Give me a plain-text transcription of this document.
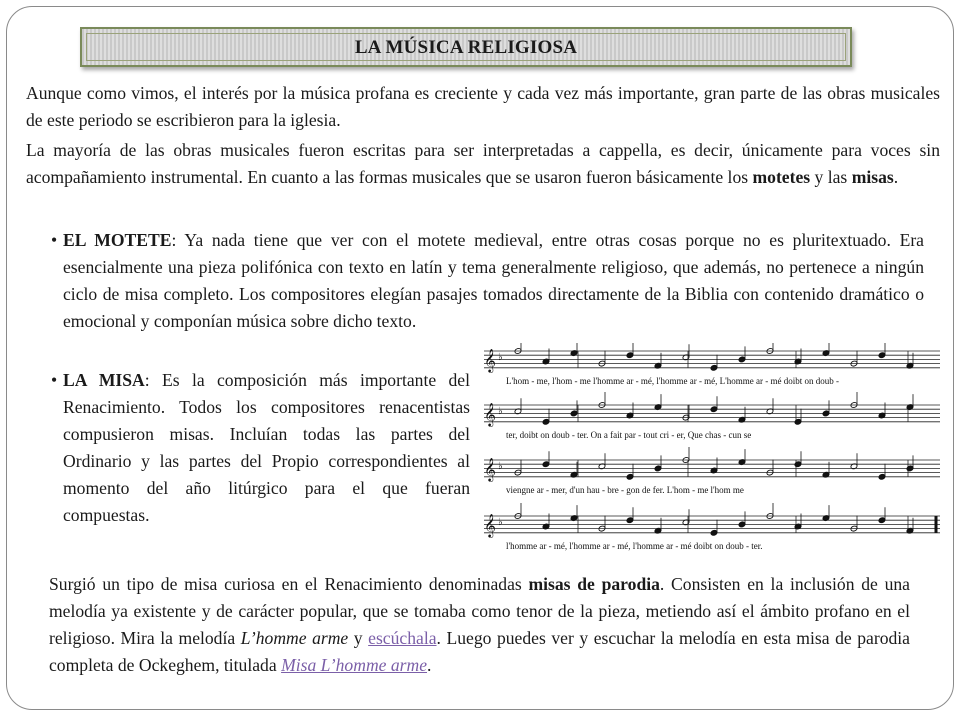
LA MÚSICA RELIGIOSA
Aunque como vimos, el interés por la música profana es creciente y cada vez más importante, gran parte de las obras musicales de este periodo se escribieron para la iglesia.
La mayoría de las obras musicales fueron escritas para ser interpretadas a cappella, es decir, únicamente para voces sin acompañamiento instrumental. En cuanto a las formas musicales que se usaron fueron básicamente los motetes y las misas.
• EL MOTETE: Ya nada tiene que ver con el motete medieval, entre otras cosas porque no es pluritextuado. Era esencialmente una pieza polifónica con texto en latín y tema generalmente religioso, que además, no pertenece a ningún ciclo de misa completo. Los compositores elegían pasajes tomados directamente de la Biblia con contenido dramático o emocional y componían música sobre dicho texto.
• LA MISA: Es la composición más importante del Renacimiento. Todos los compositores renacentistas compusieron misas. Incluían todas las partes del Ordinario y las partes del Propio correspondientes al momento del año litúrgico para el que fueran compuestas.
𝄞 ♭
𝄞 ♭
𝄞 ♭
𝄞 ♭
L'hom - me, l'hom - me l'homme ar - mé, l'homme ar - mé, L'homme ar - mé doibt on doub -
ter, doibt on doub - ter. On a fait par - tout cri - er, Que chas - cun se
viengne ar - mer, d'un hau - bre - gon de fer. L'hom - me l'hom me
l'homme ar - mé, l'homme ar - mé, l'homme ar - mé doibt on doub - ter.
Surgió un tipo de misa curiosa en el Renacimiento denominadas misas de parodia. Consisten en la inclusión de una melodía ya existente y de carácter popular, que se tomaba como tenor de la pieza, metiendo así el ámbito profano en el religioso. Mira la melodía L’homme arme y escúchala. Luego puedes ver y escuchar la melodía en esta misa de parodia completa de Ockeghem, titulada Misa L’homme arme.
